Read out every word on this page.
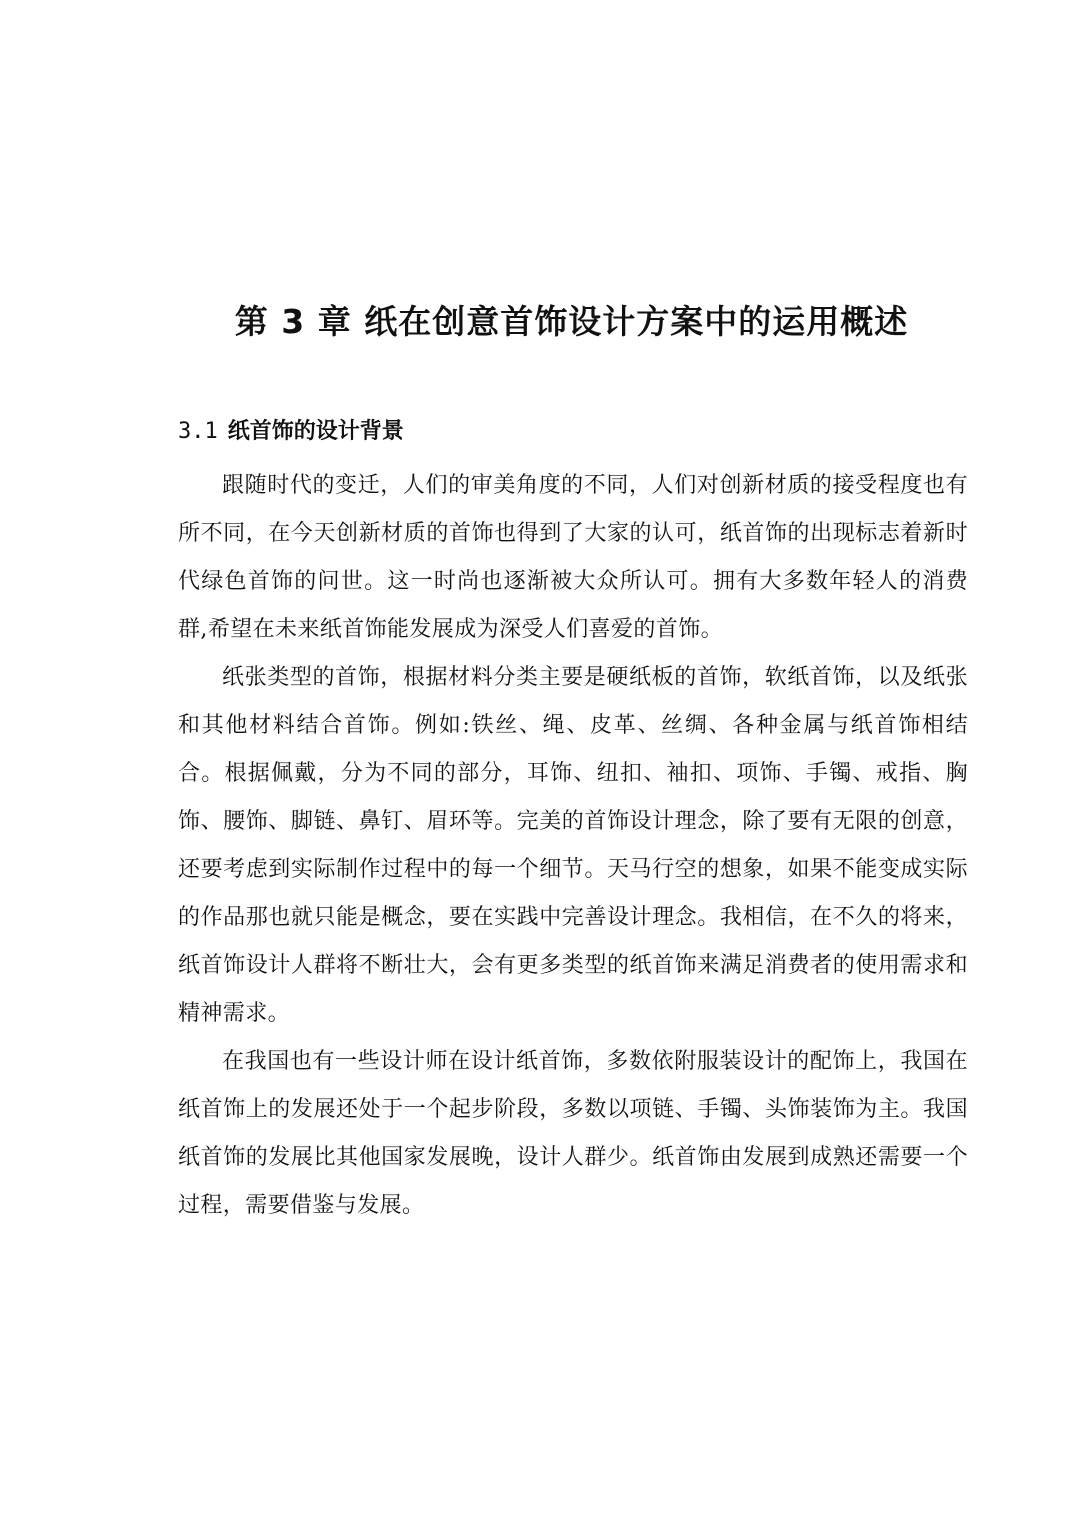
第 3 章 纸在创意首饰设计方案中的运用概述
3.1 纸首饰的设计背景

跟随时代的变迁，人们的审美角度的不同，人们对创新材质的接受程度也有所不同，在今天创新材质的首饰也得到了大家的认可，纸首饰的出现标志着新时代绿色首饰的问世。这一时尚也逐渐被大众所认可。拥有大多数年轻人的消费群,希望在未来纸首饰能发展成为深受人们喜爱的首饰。

纸张类型的首饰，根据材料分类主要是硬纸板的首饰，软纸首饰，以及纸张和其他材料结合首饰。例如:铁丝、绳、皮革、丝绸、各种金属与纸首饰相结合。根据佩戴，分为不同的部分，耳饰、纽扣、袖扣、项饰、手镯、戒指、胸饰、腰饰、脚链、鼻钉、眉环等。完美的首饰设计理念，除了要有无限的创意，还要考虑到实际制作过程中的每一个细节。天马行空的想象，如果不能变成实际的作品那也就只能是概念，要在实践中完善设计理念。我相信，在不久的将来，纸首饰设计人群将不断壮大，会有更多类型的纸首饰来满足消费者的使用需求和精神需求。

在我国也有一些设计师在设计纸首饰，多数依附服装设计的配饰上，我国在纸首饰上的发展还处于一个起步阶段，多数以项链、手镯、头饰装饰为主。我国纸首饰的发展比其他国家发展晚，设计人群少。纸首饰由发展到成熟还需要一个过程，需要借鉴与发展。
